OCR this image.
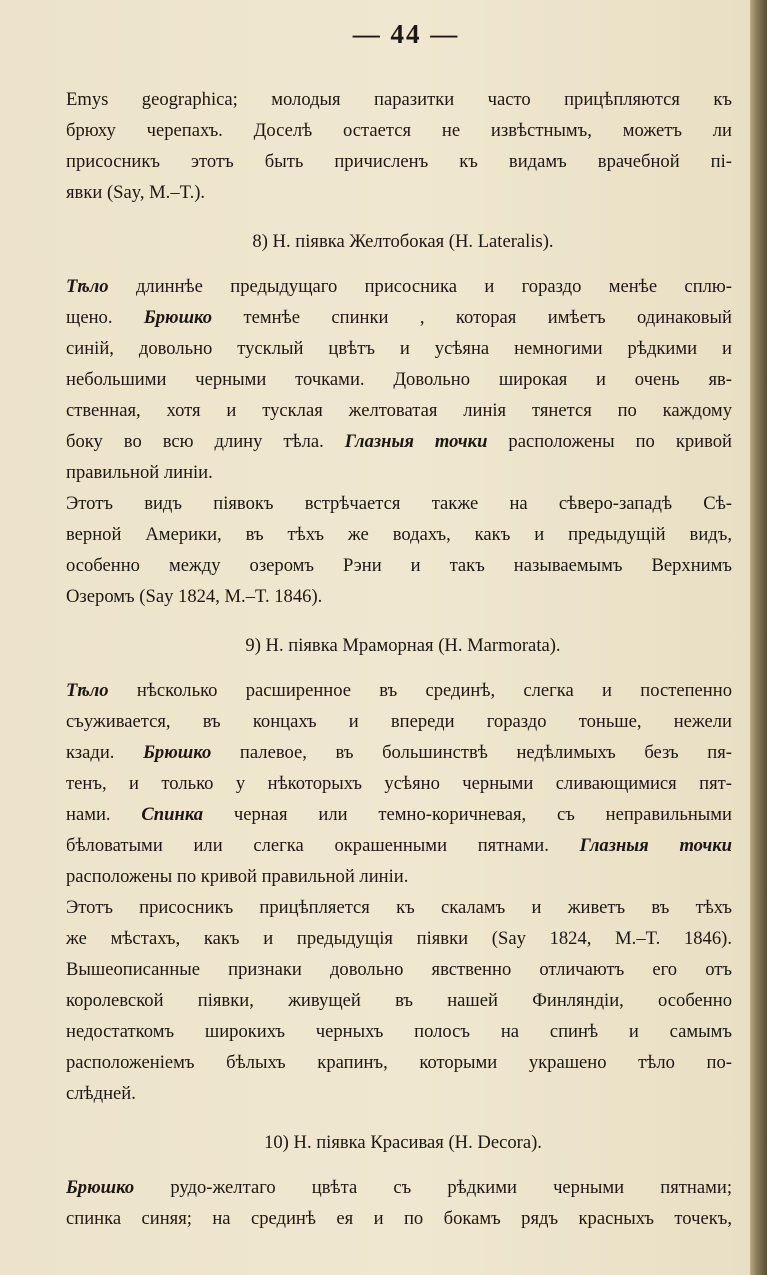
— 44 —
Emys geographica; молодыя паразитки часто прицѣпляются къ
брюху черепахъ. Доселѣ остается не извѣстнымъ, можетъ ли
присосникъ этотъ быть причисленъ къ видамъ врачебной пі-
явки (Say, M.–T.).
8) Н. піявка Желтобокая (H. Lateralis).
Тѣло длиннѣе предыдущаго присосника и гораздо менѣе сплю-
щено. Брюшко темнѣе спинки , которая имѣетъ одинаковый
синій, довольно тусклый цвѣтъ и усѣяна немногими рѣдкими и
небольшими черными точками. Довольно широкая и очень яв-
ственная, хотя и тусклая желтоватая линія тянется по каждому
боку во всю длину тѣла. Глазныя точки расположены по кривой
правильной линіи.
Этотъ видъ піявокъ встрѣчается также на сѣверо-западѣ Сѣ-
верной Америки, въ тѣхъ же водахъ, какъ и предыдущій видъ,
особенно между озеромъ Рэни и такъ называемымъ Верхнимъ
Озеромъ (Say 1824, M.–T. 1846).
9) Н. піявка Мраморная (H. Marmorata).
Тѣло нѣсколько расширенное въ срединѣ, слегка и постепенно
съуживается, въ концахъ и впереди гораздо тоньше, нежели
кзади. Брюшко палевое, въ большинствѣ недѣлимыхъ безъ пя-
тенъ, и только у нѣкоторыхъ усѣяно черными сливающимися пят-
нами. Спинка черная или темно-коричневая, съ неправильными
бѣловатыми или слегка окрашенными пятнами. Глазныя точки
расположены по кривой правильной линіи.
Этотъ присосникъ прицѣпляется къ скаламъ и живетъ въ тѣхъ
же мѣстахъ, какъ и предыдущія піявки (Say 1824, M.–T. 1846).
Вышеописанные признаки довольно явственно отличаютъ его отъ
королевской піявки, живущей въ нашей Финляндіи, особенно
недостаткомъ широкихъ черныхъ полосъ на спинѣ и самымъ
расположеніемъ бѣлыхъ крапинъ, которыми украшено тѣло по-
слѣдней.
10) Н. піявка Красивая (H. Decora).
Брюшко рудо-желтаго цвѣта съ рѣдкими черными пятнами;
спинка синяя; на срединѣ ея и по бокамъ рядъ красныхъ точекъ,
